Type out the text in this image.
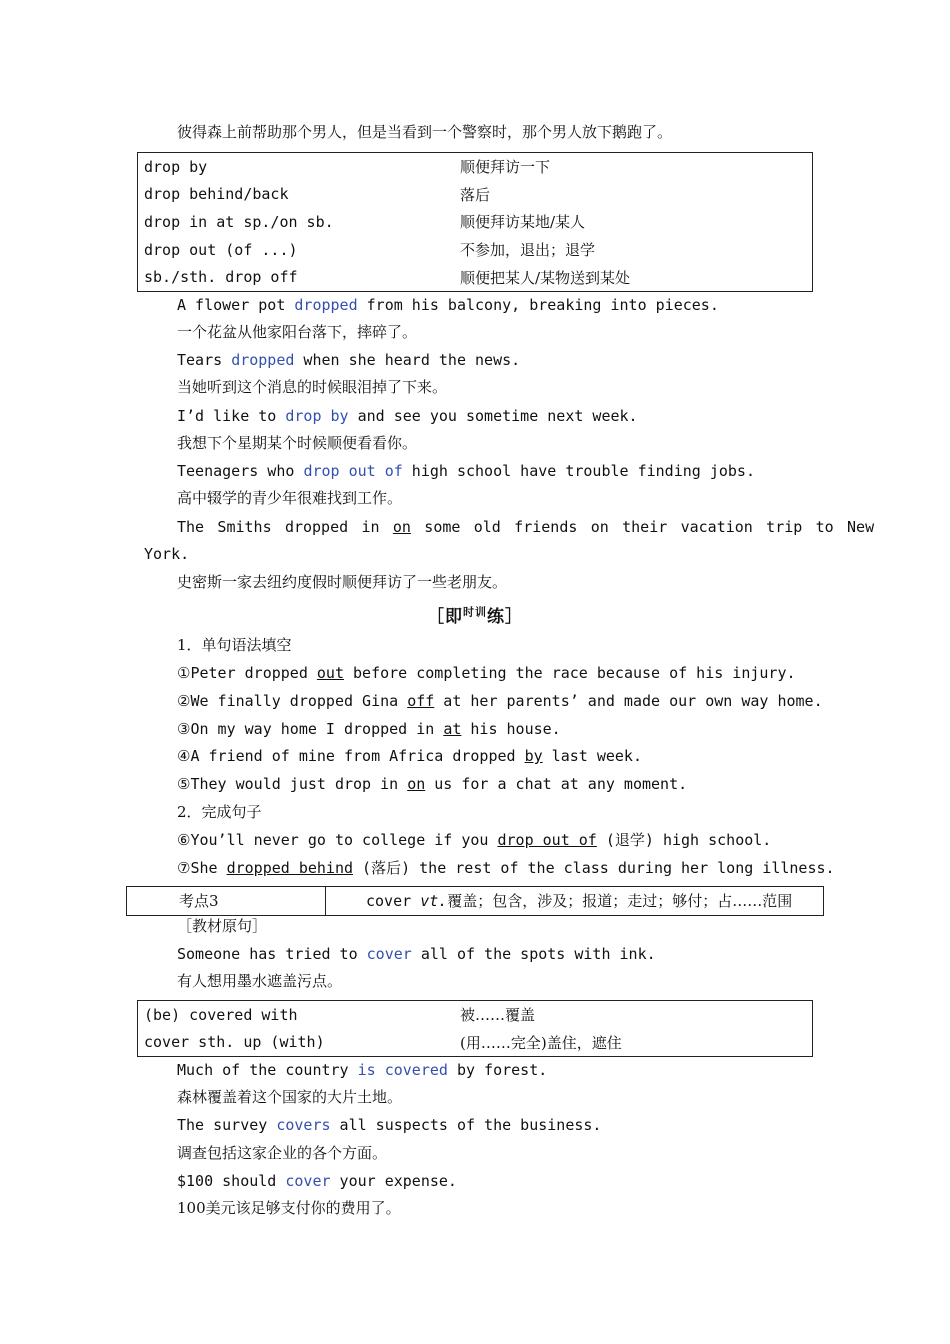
彼得森上前帮助那个男人，但是当看到一个警察时，那个男人放下鹅跑了。
drop by	顺便拜访一下
drop behind/back	落后
drop in at sp./on sb.	顺便拜访某地/某人
drop out (of ...)	不参加，退出；退学
sb./sth. drop off	顺便把某人/某物送到某处
A flower pot dropped from his balcony, breaking into pieces.
一个花盆从他家阳台落下，摔碎了。
Tears dropped when she heard the news.
当她听到这个消息的时候眼泪掉了下来。
I’d like to drop by and see you sometime next week.
我想下个星期某个时候顺便看看你。
Teenagers who drop out of high school have trouble finding jobs.
高中辍学的青少年很难找到工作。
The Smiths dropped in on some old friends on their vacation trip to New
York.
史密斯一家去纽约度假时顺便拜访了一些老朋友。
［即$^{时训}$练］
1．单句语法填空
①Peter dropped out before completing the race because of his injury.
②We finally dropped Gina off at her parents’ and made our own way home.
③On my way home I dropped in at his house.
④A friend of mine from Africa dropped by last week.
⑤They would just drop in on us for a chat at any moment.
2．完成句子
⑥You’ll never go to college if you drop out of (退学) high school.
⑦She dropped behind (落后) the rest of the class during her long illness.
考点3	cover vt.覆盖；包含，涉及；报道；走过；够付；占……范围
［教材原句］
Someone has tried to cover all of the spots with ink.
有人想用墨水遮盖污点。
(be) covered with	被……覆盖
cover sth. up (with)	(用……完全)盖住，遮住
Much of the country is covered by forest.
森林覆盖着这个国家的大片土地。
The survey covers all suspects of the business.
调查包括这家企业的各个方面。
$100 should cover your expense.
100美元该足够支付你的费用了。
